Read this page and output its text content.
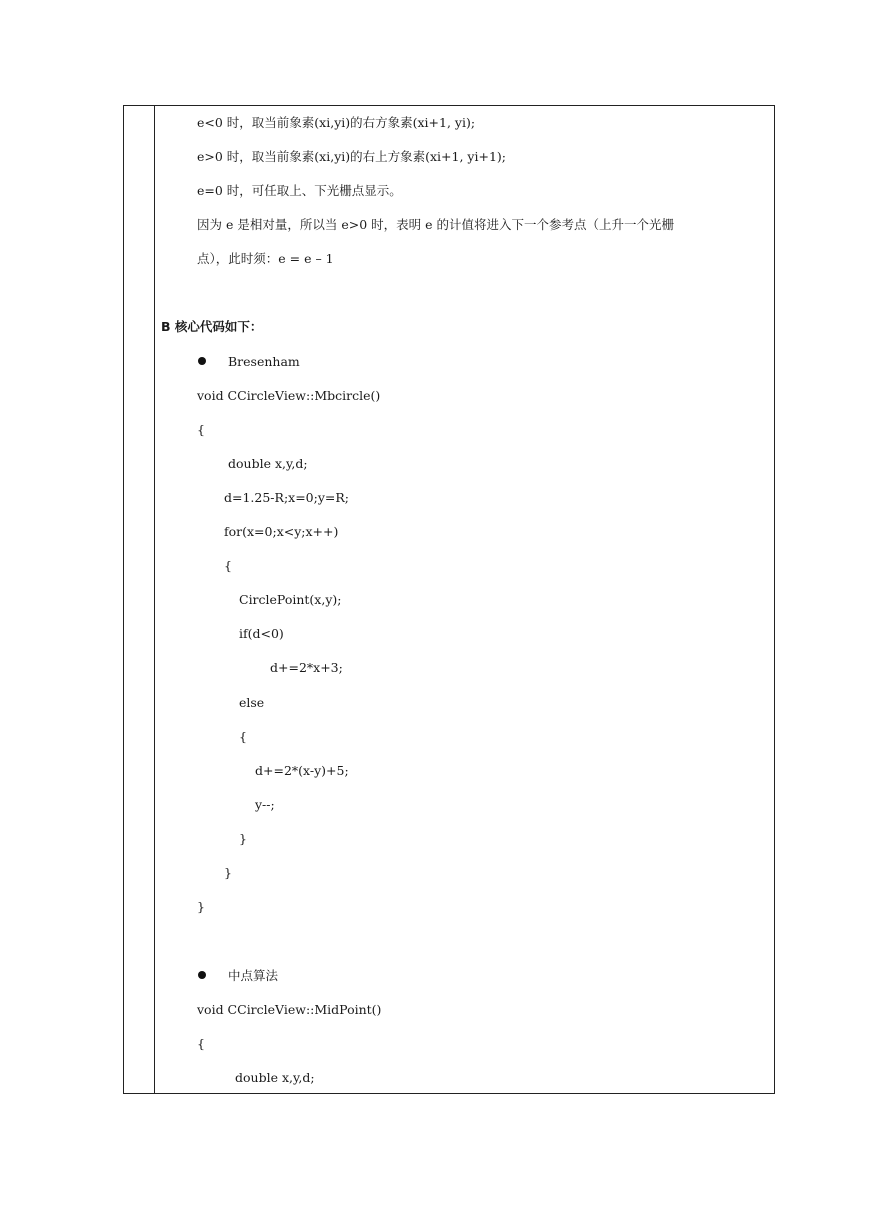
e<0 时，取当前象素(xi,yi)的右方象素(xi+1, yi);
e>0 时，取当前象素(xi,yi)的右上方象素(xi+1, yi+1);
e=0 时，可任取上、下光栅点显示。
因为 e 是相对量，所以当 e>0 时，表明 e 的计值将进入下一个参考点（上升一个光栅
点），此时须：e = e – 1
B 核心代码如下：
Bresenham
void CCircleView::Mbcircle()
{
double x,y,d;
d=1.25-R;x=0;y=R;
for(x=0;x<y;x++)
{
CirclePoint(x,y);
if(d<0)
d+=2*x+3;
else
{
d+=2*(x-y)+5;
y--;
}
}
}
中点算法
void CCircleView::MidPoint()
{
double x,y,d;
